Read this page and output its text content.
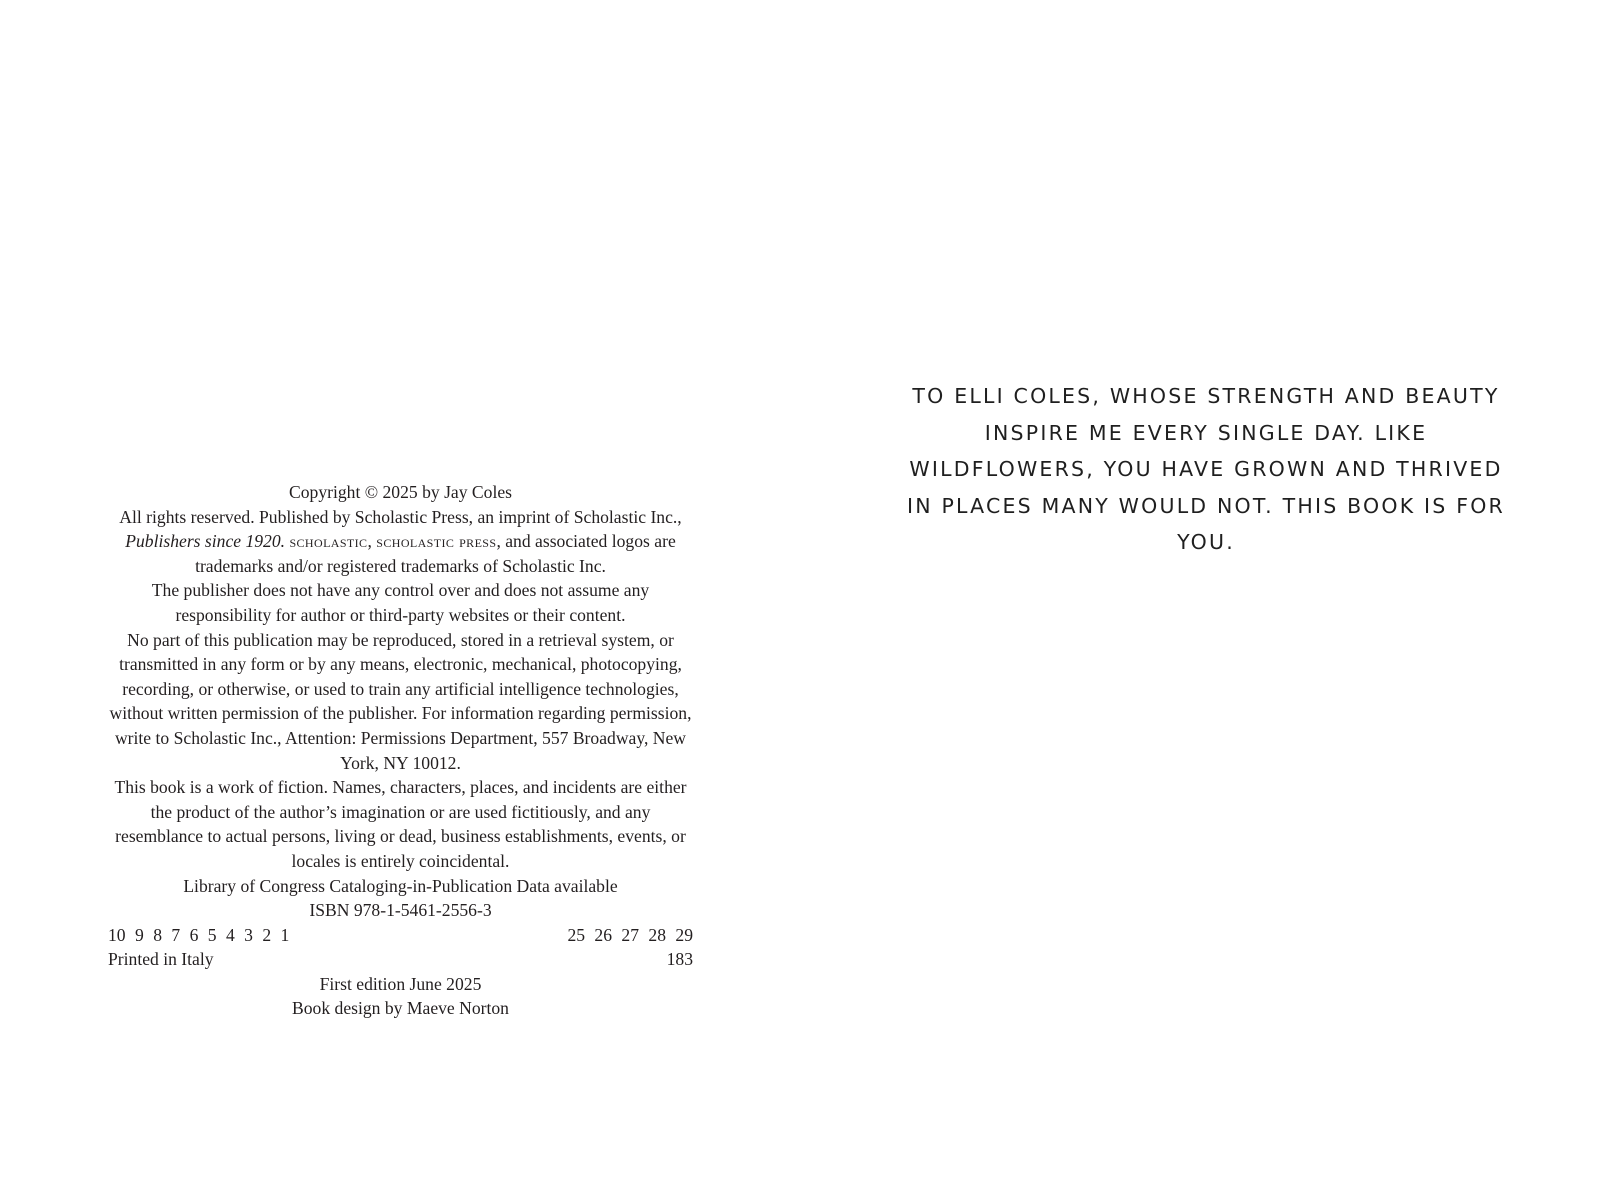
Copyright © 2025 by Jay Coles

All rights reserved. Published by Scholastic Press, an imprint of Scholastic Inc., Publishers since 1920. scholastic, scholastic press, and associated logos are trademarks and/or registered trademarks of Scholastic Inc.

The publisher does not have any control over and does not assume any responsibility for author or third-party websites or their content.

No part of this publication may be reproduced, stored in a retrieval system, or transmitted in any form or by any means, electronic, mechanical, photocopying, recording, or otherwise, or used to train any artificial intelligence technologies, without written permission of the publisher. For information regarding permission, write to Scholastic Inc., Attention: Permissions Department, 557 Broadway, New York, NY 10012.

This book is a work of fiction. Names, characters, places, and incidents are either the product of the author’s imagination or are used fictitiously, and any resemblance to actual persons, living or dead, business establishments, events, or locales is entirely coincidental.

Library of Congress Cataloging-in-Publication Data available

ISBN 978-1-5461-2556-3

10 9 8 7 6 5 4 3 2 1	25 26 27 28 29
Printed in Italy	183

First edition June 2025

Book design by Maeve Norton

TO ELLI COLES, WHOSE STRENGTH AND BEAUTY INSPIRE ME EVERY SINGLE DAY. LIKE WILDFLOWERS, YOU HAVE GROWN AND THRIVED IN PLACES MANY WOULD NOT. THIS BOOK IS FOR YOU.
